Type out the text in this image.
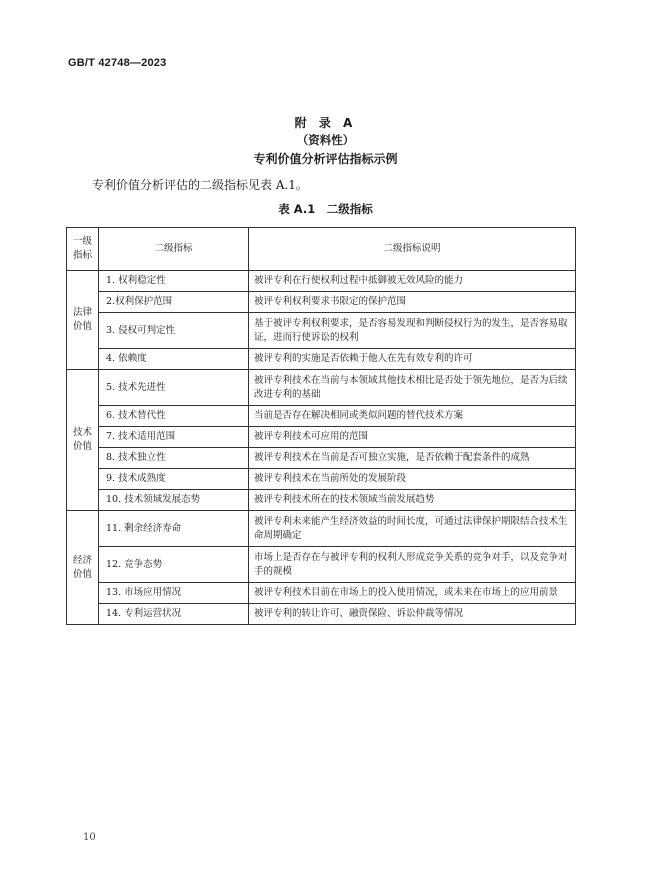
GB/T 42748—2023
附 录 A
（资料性）
专利价值分析评估指标示例
专利价值分析评估的二级指标见表 A.1。
表 A.1　二级指标
一级指标	二级指标	二级指标说明
法律价值	1. 权利稳定性	被评专利在行使权利过程中抵御被无效风险的能力
	2.权利保护范围	被评专利权利要求书限定的保护范围
	3. 侵权可判定性	基于被评专利权利要求，是否容易发现和判断侵权行为的发生，是否容易取证，进而行使诉讼的权利
	4. 依赖度	被评专利的实施是否依赖于他人在先有效专利的许可
技术价值	5. 技术先进性	被评专利技术在当前与本领域其他技术相比是否处于领先地位，是否为后续改进专利的基础
	6. 技术替代性	当前是否存在解决相同或类似问题的替代技术方案
	7. 技术适用范围	被评专利技术可应用的范围
	8. 技术独立性	被评专利技术在当前是否可独立实施，是否依赖于配套条件的成熟
	9. 技术成熟度	被评专利技术在当前所处的发展阶段
	10. 技术领域发展态势	被评专利技术所在的技术领域当前发展趋势
经济价值	11. 剩余经济寿命	被评专利未来能产生经济效益的时间长度，可通过法律保护期限结合技术生命周期确定
	12. 竞争态势	市场上是否存在与被评专利的权利人形成竞争关系的竞争对手，以及竞争对手的规模
	13. 市场应用情况	被评专利技术目前在市场上的投入使用情况，或未来在市场上的应用前景
	14. 专利运营状况	被评专利的转让许可、融资保险、诉讼仲裁等情况
10
